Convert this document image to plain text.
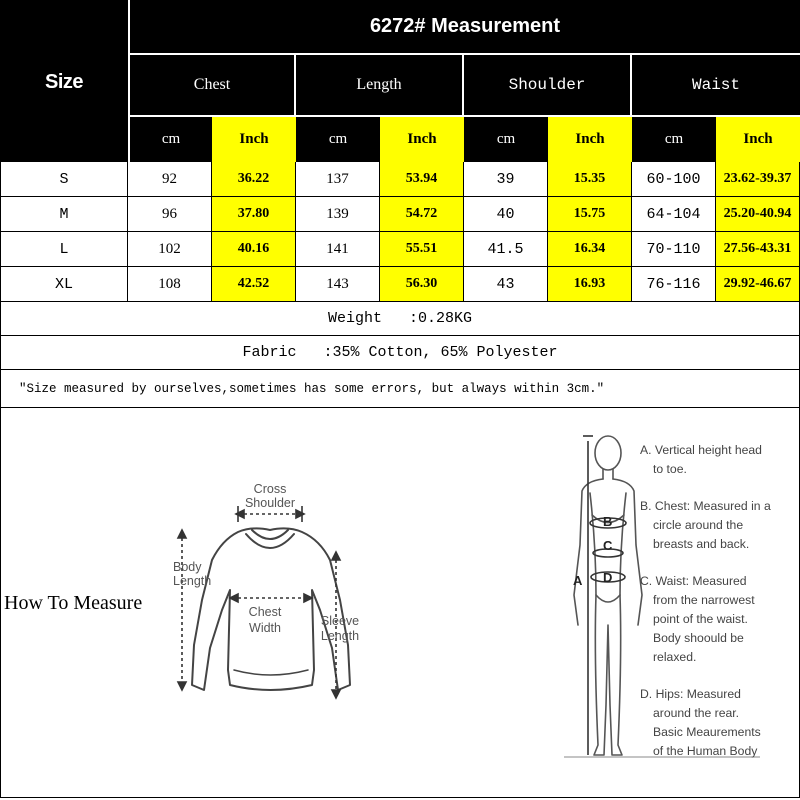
Size
6272# Measurement
Chest	Length	Shoulder	Waist
cm	Inch	cm	Inch	cm	Inch	cm	Inch
S	92	36.22	137	53.94	39	15.35	60-100	23.62-39.37
M	96	37.80	139	54.72	40	15.75	64-104	25.20-40.94
L	102	40.16	141	55.51	41.5	16.34	70-110	27.56-43.31
XL	108	42.52	143	56.30	43	16.93	76-116	29.92-46.67
Weight   :0.28KG
Fabric   :35% Cotton, 65% Polyester
"Size measured by ourselves,sometimes has some errors, but always within 3cm."
How To Measure
Cross
Shoulder
Body
Length
Chest
Width	Sleeve
Length
A
B
C
D
A. Vertical height head
to toe.
B. Chest: Measured in a
circle around the
breasts and back.
C. Waist: Measured
from the narrowest
point of the waist.
Body shoould be
relaxed.
D. Hips: Measured
around the rear.
Basic Meaurements
of the Human Body
